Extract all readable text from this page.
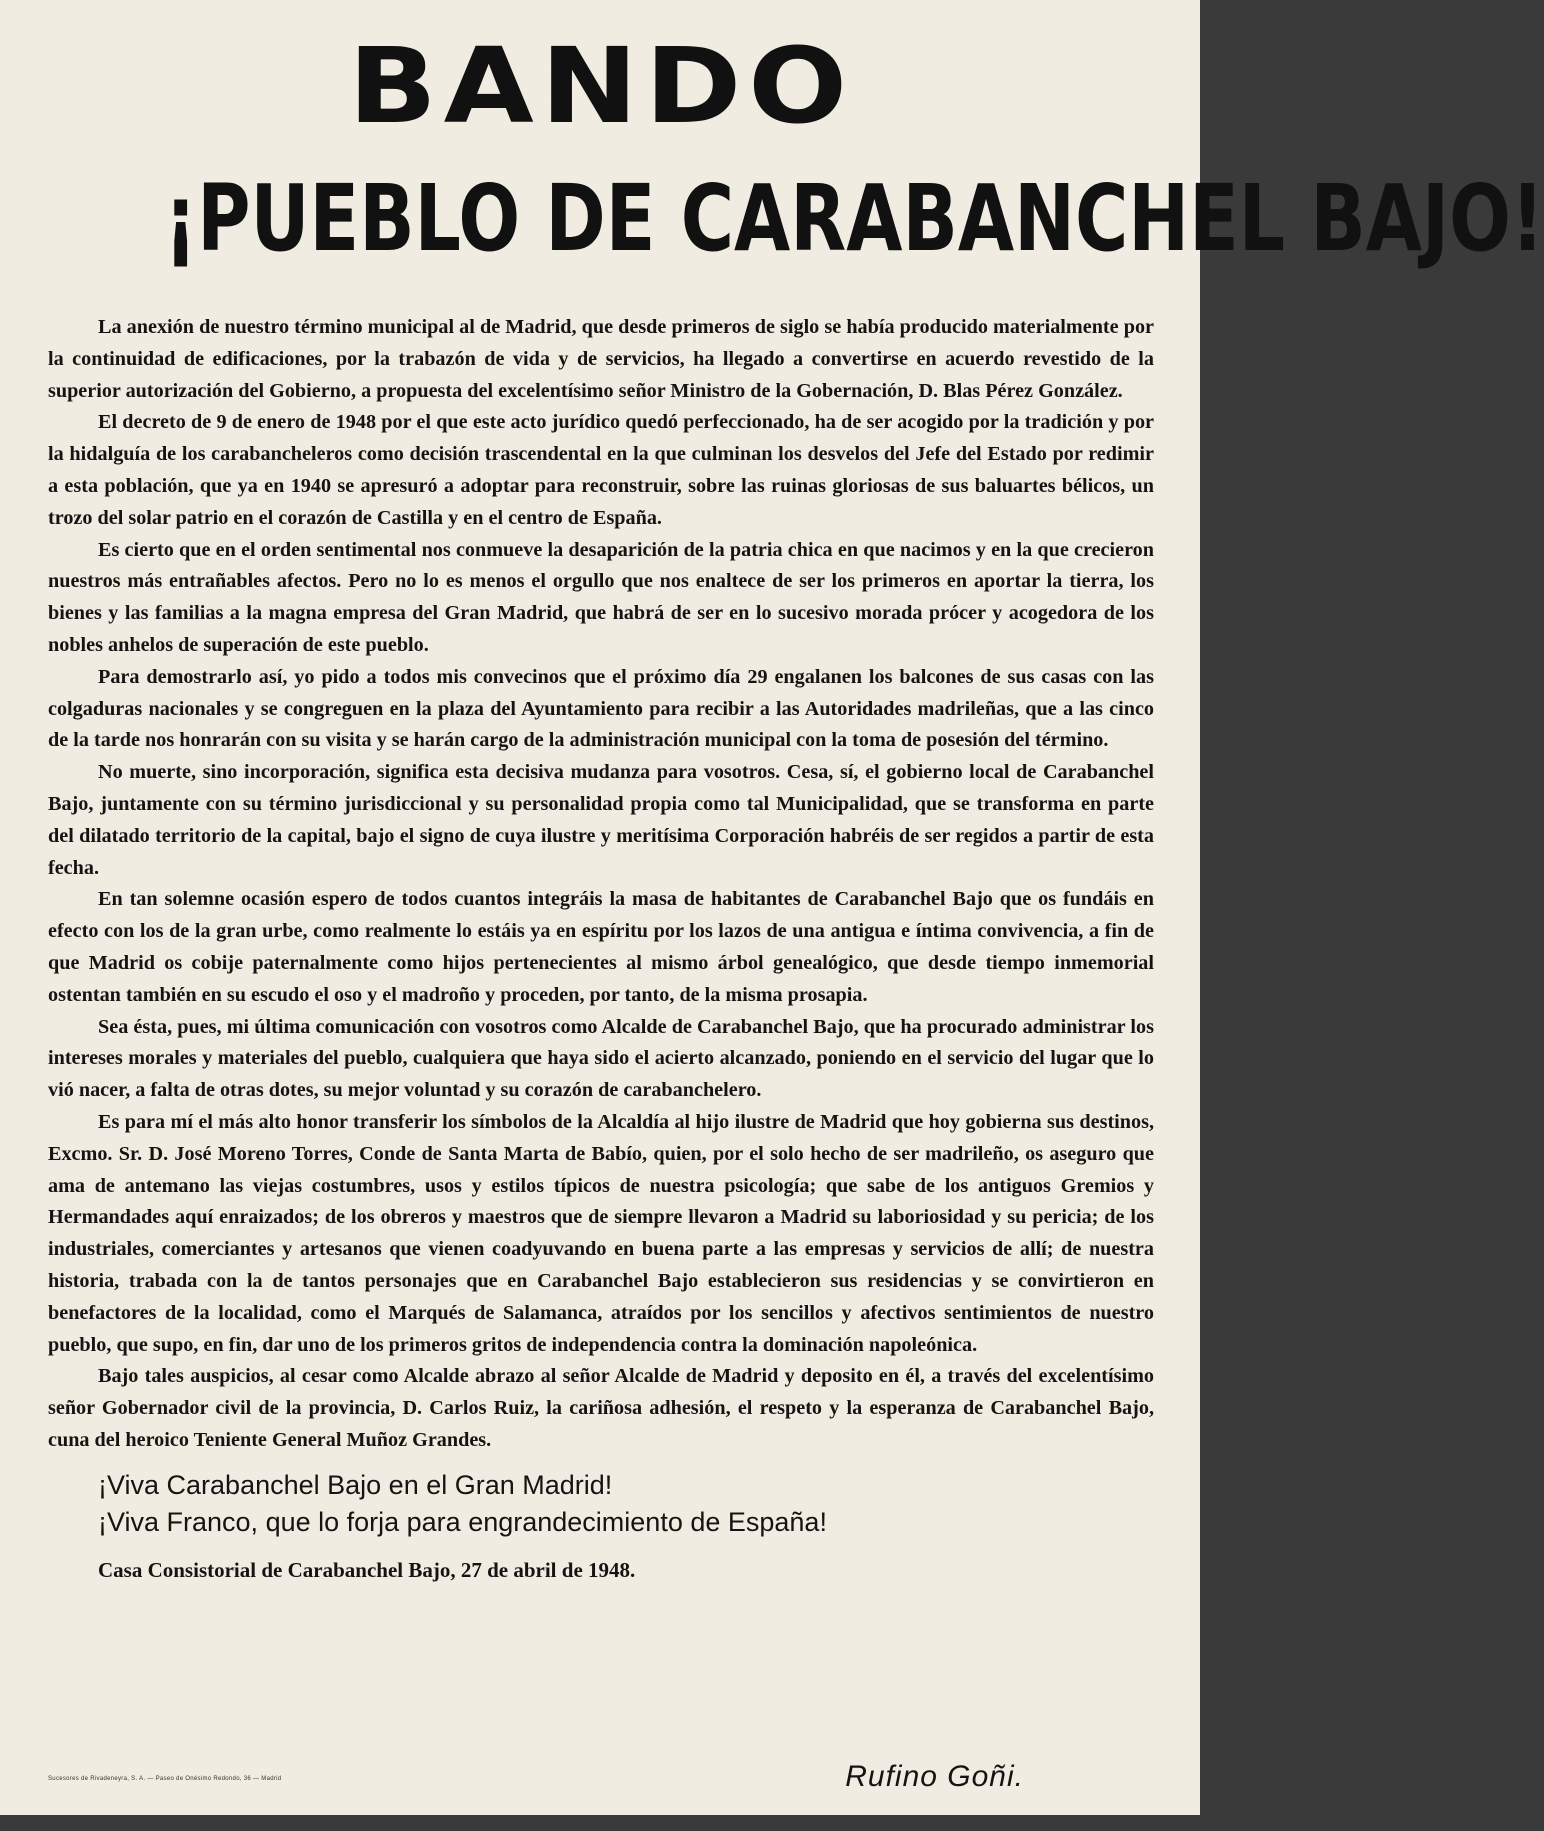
BANDO
¡PUEBLO DE CARABANCHEL BAJO!

La anexión de nuestro término municipal al de Madrid, que desde primeros de siglo se había producido materialmente por la continuidad de edificaciones, por la trabazón de vida y de servicios, ha llegado a convertirse en acuerdo revestido de la superior autorización del Gobierno, a propuesta del excelentísimo señor Ministro de la Gobernación, D. Blas Pérez González.

El decreto de 9 de enero de 1948 por el que este acto jurídico quedó perfeccionado, ha de ser acogido por la tradición y por la hidalguía de los carabancheleros como decisión trascendental en la que culminan los desvelos del Jefe del Estado por redimir a esta población, que ya en 1940 se apresuró a adoptar para reconstruir, sobre las ruinas gloriosas de sus baluartes bélicos, un trozo del solar patrio en el corazón de Castilla y en el centro de España.

Es cierto que en el orden sentimental nos conmueve la desaparición de la patria chica en que nacimos y en la que crecieron nuestros más entrañables afectos. Pero no lo es menos el orgullo que nos enaltece de ser los primeros en aportar la tierra, los bienes y las familias a la magna empresa del Gran Madrid, que habrá de ser en lo sucesivo morada prócer y acogedora de los nobles anhelos de superación de este pueblo.

Para demostrarlo así, yo pido a todos mis convecinos que el próximo día 29 engalanen los balcones de sus casas con las colgaduras nacionales y se congreguen en la plaza del Ayuntamiento para recibir a las Autoridades madrileñas, que a las cinco de la tarde nos honrarán con su visita y se harán cargo de la administración municipal con la toma de posesión del término.

No muerte, sino incorporación, significa esta decisiva mudanza para vosotros. Cesa, sí, el gobierno local de Carabanchel Bajo, juntamente con su término jurisdiccional y su personalidad propia como tal Municipalidad, que se transforma en parte del dilatado territorio de la capital, bajo el signo de cuya ilustre y meritísima Corporación habréis de ser regidos a partir de esta fecha.

En tan solemne ocasión espero de todos cuantos integráis la masa de habitantes de Carabanchel Bajo que os fundáis en efecto con los de la gran urbe, como realmente lo estáis ya en espíritu por los lazos de una antigua e íntima convivencia, a fin de que Madrid os cobije paternalmente como hijos pertenecientes al mismo árbol genealógico, que desde tiempo inmemorial ostentan también en su escudo el oso y el madroño y proceden, por tanto, de la misma prosapia.

Sea ésta, pues, mi última comunicación con vosotros como Alcalde de Carabanchel Bajo, que ha procurado administrar los intereses morales y materiales del pueblo, cualquiera que haya sido el acierto alcanzado, poniendo en el servicio del lugar que lo vió nacer, a falta de otras dotes, su mejor voluntad y su corazón de carabanchelero.

Es para mí el más alto honor transferir los símbolos de la Alcaldía al hijo ilustre de Madrid que hoy gobierna sus destinos, Excmo. Sr. D. José Moreno Torres, Conde de Santa Marta de Babío, quien, por el solo hecho de ser madrileño, os aseguro que ama de antemano las viejas costumbres, usos y estilos típicos de nuestra psicología; que sabe de los antiguos Gremios y Hermandades aquí enraizados; de los obreros y maestros que de siempre llevaron a Madrid su laboriosidad y su pericia; de los industriales, comerciantes y artesanos que vienen coadyuvando en buena parte a las empresas y servicios de allí; de nuestra historia, trabada con la de tantos personajes que en Carabanchel Bajo establecieron sus residencias y se convirtieron en benefactores de la localidad, como el Marqués de Salamanca, atraídos por los sencillos y afectivos sentimientos de nuestro pueblo, que supo, en fin, dar uno de los primeros gritos de independencia contra la dominación napoleónica.

Bajo tales auspicios, al cesar como Alcalde abrazo al señor Alcalde de Madrid y deposito en él, a través del excelentísimo señor Gobernador civil de la provincia, D. Carlos Ruiz, la cariñosa adhesión, el respeto y la esperanza de Carabanchel Bajo, cuna del heroico Teniente General Muñoz Grandes.

¡Viva Carabanchel Bajo en el Gran Madrid!
¡Viva Franco, que lo forja para engrandecimiento de España!
Casa Consistorial de Carabanchel Bajo, 27 de abril de 1948.
Sucesores de Rivadeneyra, S. A. — Paseo de Onésimo Redondo, 36 — Madrid	Rufino Goñi.
